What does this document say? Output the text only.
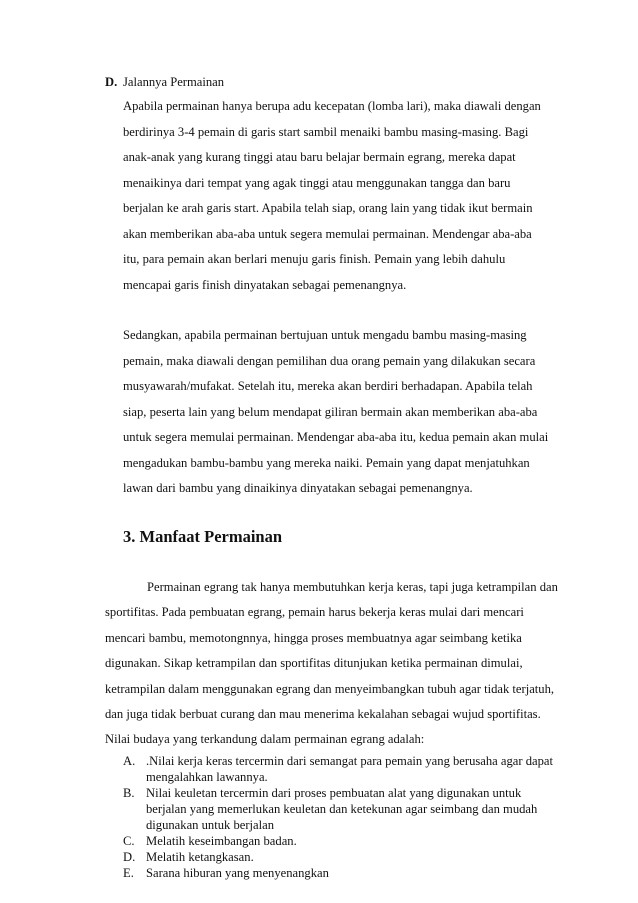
D. Jalannya Permainan
Apabila permainan hanya berupa adu kecepatan (lomba lari), maka diawali dengan
berdirinya 3-4 pemain di garis start sambil menaiki bambu masing-masing. Bagi
anak-anak yang kurang tinggi atau baru belajar bermain egrang, mereka dapat
menaikinya dari tempat yang agak tinggi atau menggunakan tangga dan baru
berjalan ke arah garis start. Apabila telah siap, orang lain yang tidak ikut bermain
akan memberikan aba-aba untuk segera memulai permainan. Mendengar aba-aba
itu, para pemain akan berlari menuju garis finish. Pemain yang lebih dahulu
mencapai garis finish dinyatakan sebagai pemenangnya.
Sedangkan, apabila permainan bertujuan untuk mengadu bambu masing-masing
pemain, maka diawali dengan pemilihan dua orang pemain yang dilakukan secara
musyawarah/mufakat. Setelah itu, mereka akan berdiri berhadapan. Apabila telah
siap, peserta lain yang belum mendapat giliran bermain akan memberikan aba-aba
untuk segera memulai permainan. Mendengar aba-aba itu, kedua pemain akan mulai
mengadukan bambu-bambu yang mereka naiki. Pemain yang dapat menjatuhkan
lawan dari bambu yang dinaikinya dinyatakan sebagai pemenangnya.
3. Manfaat Permainan
Permainan egrang tak hanya membutuhkan kerja keras, tapi juga ketrampilan dan
sportifitas. Pada pembuatan egrang, pemain harus bekerja keras mulai dari mencari
mencari bambu, memotongnnya, hingga proses membuatnya agar seimbang ketika
digunakan. Sikap ketrampilan dan sportifitas ditunjukan ketika permainan dimulai,
ketrampilan dalam menggunakan egrang dan menyeimbangkan tubuh agar tidak terjatuh,
dan juga tidak berbuat curang dan mau menerima kekalahan sebagai wujud sportifitas.
Nilai budaya yang terkandung dalam permainan egrang adalah:
A. .Nilai kerja keras tercermin dari semangat para pemain yang berusaha agar dapat
mengalahkan lawannya.
B. Nilai keuletan tercermin dari proses pembuatan alat yang digunakan untuk
berjalan yang memerlukan keuletan dan ketekunan agar seimbang dan mudah
digunakan untuk berjalan
C. Melatih keseimbangan badan.
D. Melatih ketangkasan.
E. Sarana hiburan yang menyenangkan
